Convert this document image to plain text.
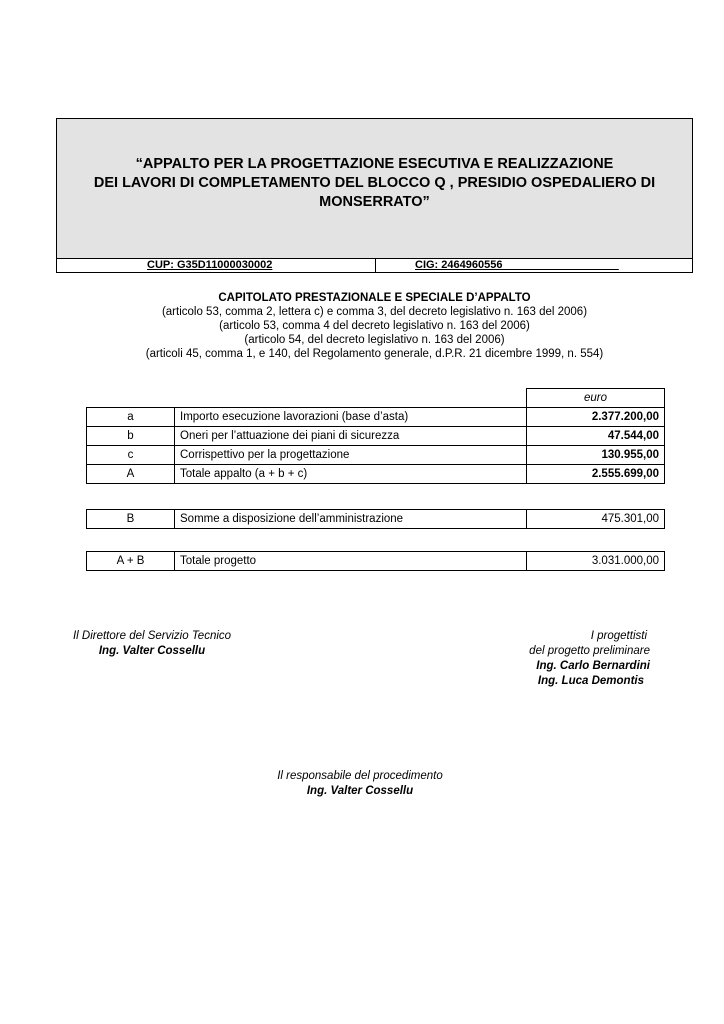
“APPALTO PER LA PROGETTAZIONE ESECUTIVA E REALIZZAZIONE
DEI LAVORI DI COMPLETAMENTO DEL BLOCCO Q , PRESIDIO OSPEDALIERO DI
MONSERRATO”
CUP: G35D11000030002	CIG: 2464960556___________________
CAPITOLATO PRESTAZIONALE E SPECIALE D’APPALTO
(articolo 53, comma 2, lettera c) e comma 3, del decreto legislativo n. 163 del 2006)
(articolo 53, comma 4 del decreto legislativo n. 163 del 2006)
(articolo 54, del decreto legislativo n. 163 del 2006)
(articoli 45, comma 1, e 140, del Regolamento generale, d.P.R. 21 dicembre 1999, n. 554)
		euro
a	Importo esecuzione lavorazioni (base d’asta)	2.377.200,00
b	Oneri per l’attuazione dei piani di sicurezza	47.544,00
c	Corrispettivo per la progettazione	130.955,00
A	Totale appalto (a + b + c)	2.555.699,00
B	Somme a disposizione dell’amministrazione	475.301,00
A + B	Totale progetto	3.031.000,00
Il Direttore del Servizio Tecnico
Ing. Valter Cossellu
I progettisti
del progetto preliminare
Ing. Carlo Bernardini
Ing. Luca Demontis
Il responsabile del procedimento
Ing. Valter Cossellu
